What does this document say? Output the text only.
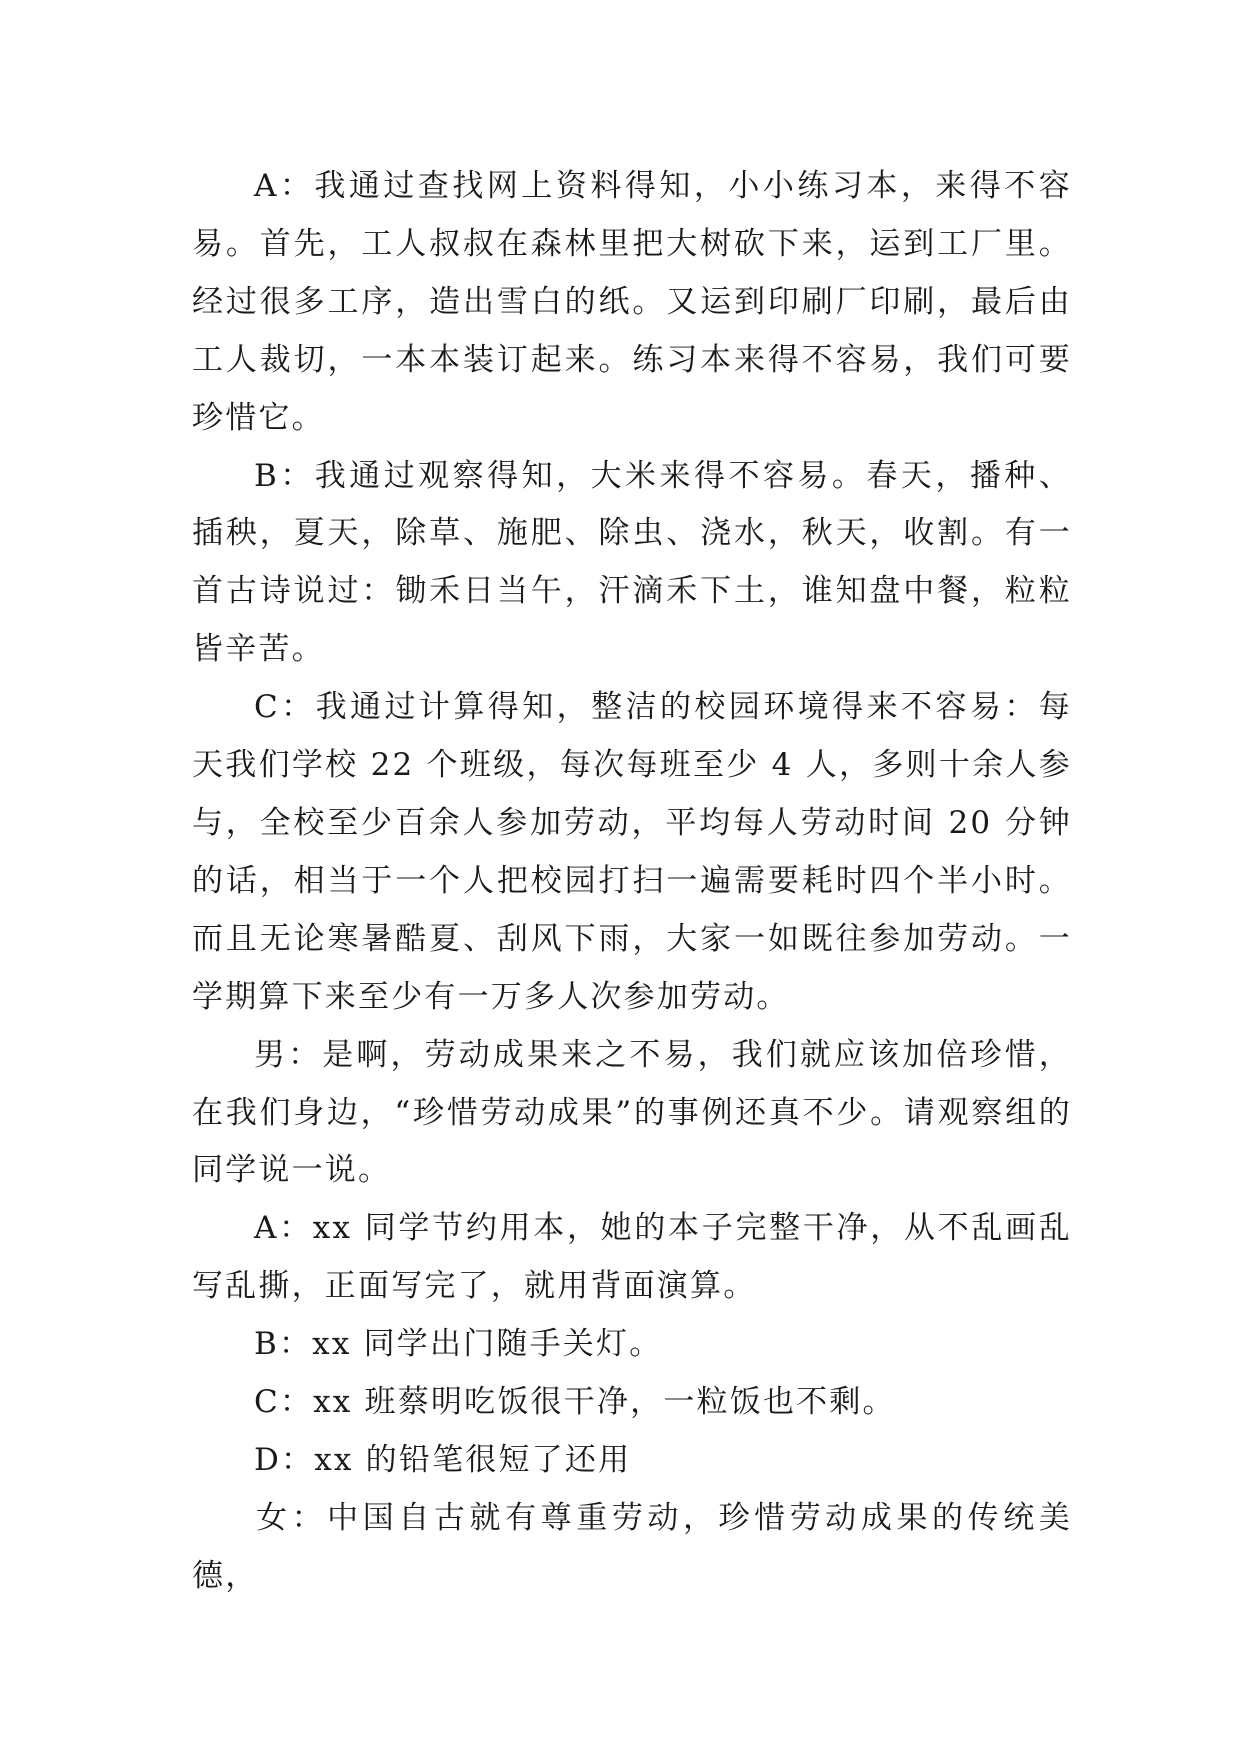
A：我通过查找网上资料得知，小小练习本，来得不容易。首先，工人叔叔在森林里把大树砍下来，运到工厂里。经过很多工序，造出雪白的纸。又运到印刷厂印刷，最后由工人裁切，一本本装订起来。练习本来得不容易，我们可要珍惜它。

B：我通过观察得知，大米来得不容易。春天，播种、插秧，夏天，除草、施肥、除虫、浇水，秋天，收割。有一首古诗说过：锄禾日当午，汗滴禾下土，谁知盘中餐，粒粒皆辛苦。

C：我通过计算得知，整洁的校园环境得来不容易：每天我们学校 22 个班级，每次每班至少 4 人，多则十余人参与，全校至少百余人参加劳动，平均每人劳动时间 20 分钟的话，相当于一个人把校园打扫一遍需要耗时四个半小时。而且无论寒暑酷夏、刮风下雨，大家一如既往参加劳动。一学期算下来至少有一万多人次参加劳动。

男：是啊，劳动成果来之不易，我们就应该加倍珍惜，在我们身边，“珍惜劳动成果”的事例还真不少。请观察组的同学说一说。

A：xx 同学节约用本，她的本子完整干净，从不乱画乱写乱撕，正面写完了，就用背面演算。

B：xx 同学出门随手关灯。

C：xx 班蔡明吃饭很干净，一粒饭也不剩。

D：xx 的铅笔很短了还用

女：中国自古就有尊重劳动，珍惜劳动成果的传统美德，
